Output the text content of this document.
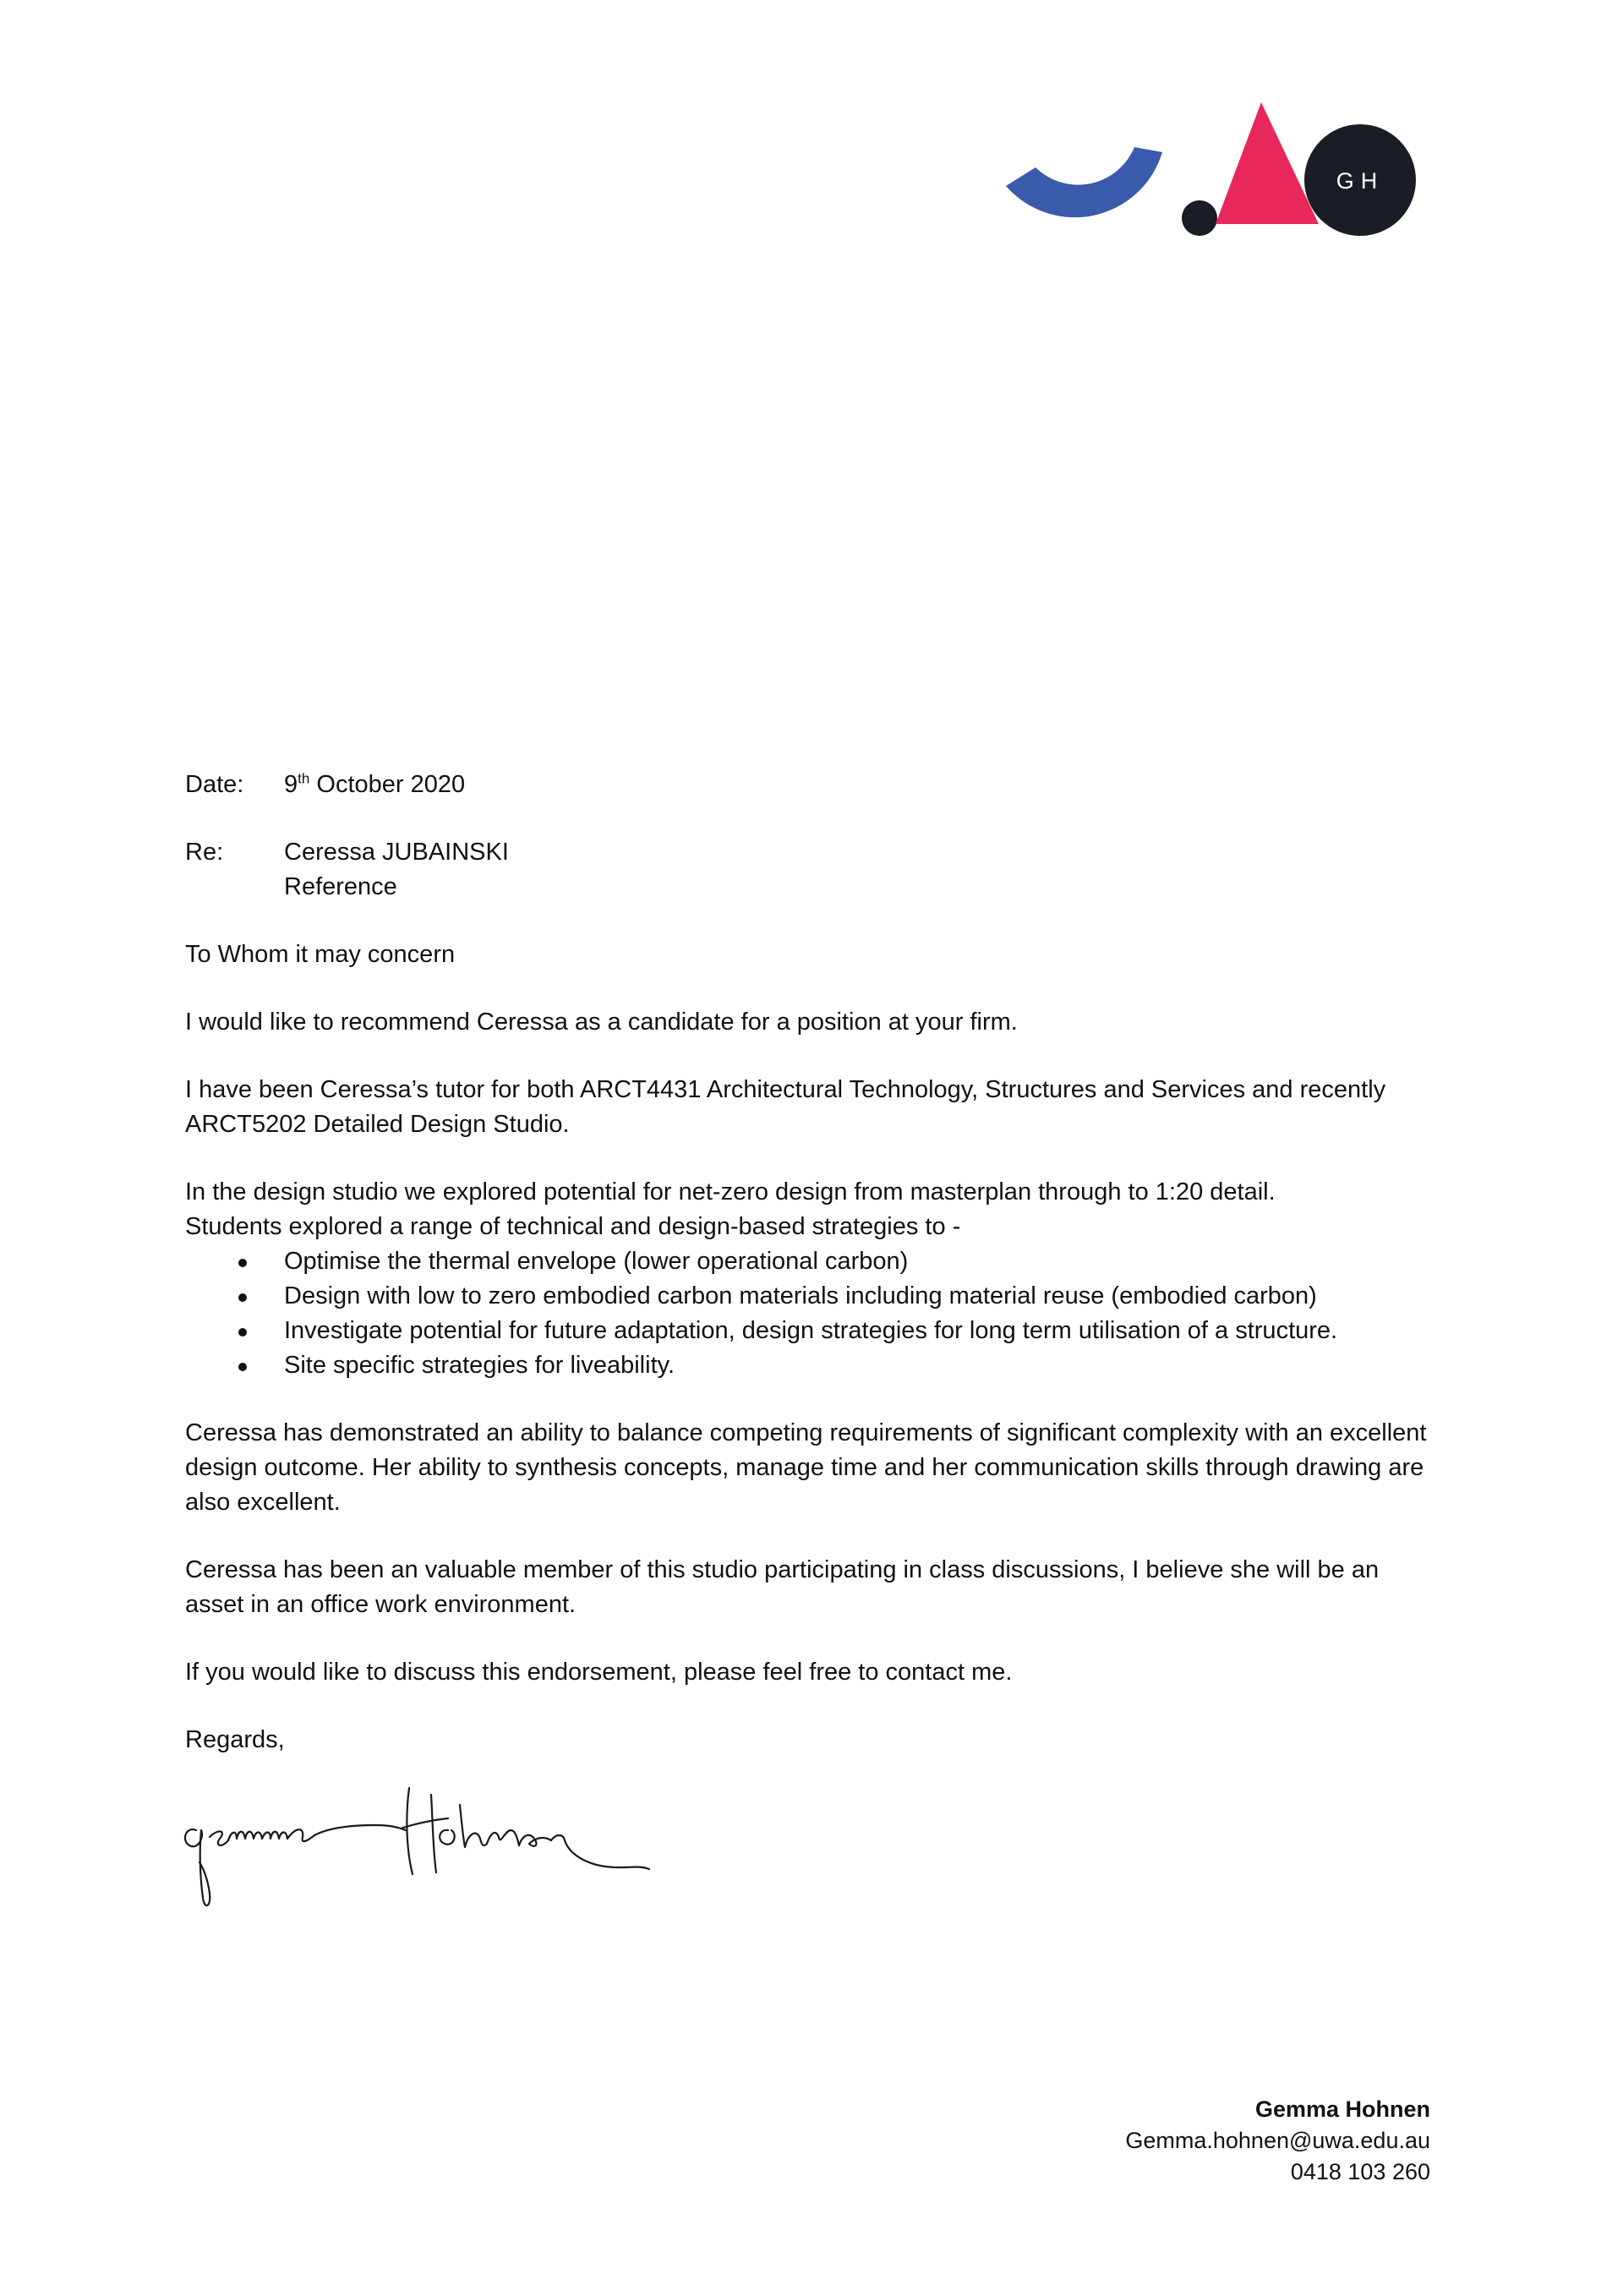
GH
Date:	9th October 2020
Re:	Ceressa JUBAINSKI
Reference

To Whom it may concern

I would like to recommend Ceressa as a candidate for a position at your firm.

I have been Ceressa’s tutor for both ARCT4431 Architectural Technology, Structures and Services and recently ARCT5202 Detailed Design Studio.

In the design studio we explored potential for net-zero design from masterplan through to 1:20 detail.

Students explored a range of technical and design-based strategies to -

Optimise the thermal envelope (lower operational carbon)
Design with low to zero embodied carbon materials including material reuse (embodied carbon)
Investigate potential for future adaptation, design strategies for long term utilisation of a structure.
Site specific strategies for liveability.

Ceressa has demonstrated an ability to balance competing requirements of significant complexity with an excellent design outcome. Her ability to synthesis concepts, manage time and her communication skills through drawing are also excellent.

Ceressa has been an valuable member of this studio participating in class discussions, I believe she will be an asset in an office work environment.

If you would like to discuss this endorsement, please feel free to contact me.

Regards,

Gemma Hohnen
Gemma.hohnen@uwa.edu.au
0418 103 260
